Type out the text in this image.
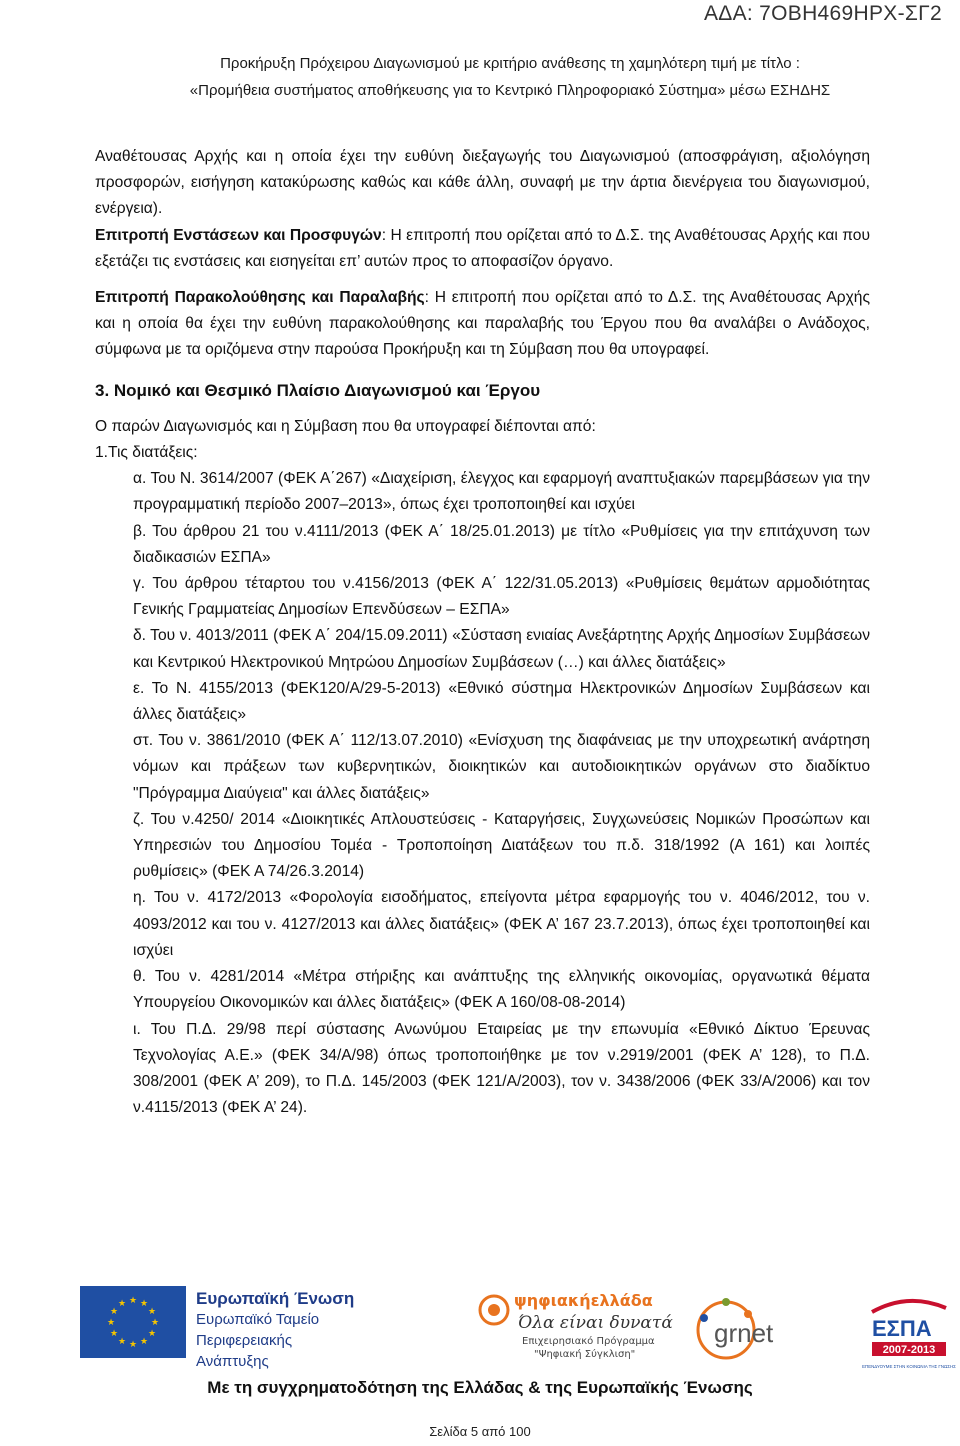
ΑΔΑ: 7ΟΒΗ469ΗΡΧ-ΣΓ2
Προκήρυξη Πρόχειρου Διαγωνισμού με κριτήριο ανάθεσης τη χαμηλότερη τιμή με τίτλο :
«Προμήθεια συστήματος αποθήκευσης για το Κεντρικό Πληροφοριακό Σύστημα» μέσω ΕΣΗΔΗΣ

Αναθέτουσας Αρχής και η οποία έχει την ευθύνη διεξαγωγής του Διαγωνισμού (αποσφράγιση, αξιολόγηση προσφορών, εισήγηση κατακύρωσης καθώς και κάθε άλλη, συναφή με την άρτια διενέργεια του διαγωνισμού, ενέργεια).

Επιτροπή Ενστάσεων και Προσφυγών: Η επιτροπή που ορίζεται από το Δ.Σ. της Αναθέτουσας Αρχής και που εξετάζει τις ενστάσεις και εισηγείται επ’ αυτών προς το αποφασίζον όργανο.

Επιτροπή Παρακολούθησης και Παραλαβής: Η επιτροπή που ορίζεται από το Δ.Σ. της Αναθέτουσας Αρχής και η οποία θα έχει την ευθύνη παρακολούθησης και παραλαβής του Έργου που θα αναλάβει ο Ανάδοχος, σύμφωνα με τα οριζόμενα στην παρούσα Προκήρυξη και τη Σύμβαση που θα υπογραφεί.

3. Νομικό και Θεσμικό Πλαίσιο Διαγωνισμού και Έργου

Ο παρών Διαγωνισμός και η Σύμβαση που θα υπογραφεί διέπονται από:

1.Τις διατάξεις:

α. Του Ν. 3614/2007 (ΦΕΚ Α΄267) «Διαχείριση, έλεγχος και εφαρμογή αναπτυξιακών παρεμβάσεων για την προγραμματική περίοδο 2007–2013», όπως έχει τροποποιηθεί και ισχύει

β. Του άρθρου 21 του ν.4111/2013 (ΦΕΚ Α΄ 18/25.01.2013) με τίτλο «Ρυθμίσεις για την επιτάχυνση των διαδικασιών ΕΣΠΑ»

γ. Του άρθρου τέταρτου του ν.4156/2013 (ΦΕΚ Α΄ 122/31.05.2013) «Ρυθμίσεις θεμάτων αρμοδιότητας Γενικής Γραμματείας Δημοσίων Επενδύσεων – ΕΣΠΑ»

δ. Του ν. 4013/2011 (ΦΕΚ Α΄ 204/15.09.2011) «Σύσταση ενιαίας Ανεξάρτητης Αρχής Δημοσίων Συμβάσεων και Κεντρικού Ηλεκτρονικού Μητρώου Δημοσίων Συμβάσεων (…) και άλλες διατάξεις»

ε. Το Ν. 4155/2013 (ΦΕΚ120/Α/29-5-2013) «Εθνικό σύστημα Ηλεκτρονικών Δημοσίων Συμβάσεων και άλλες διατάξεις»

στ. Του ν. 3861/2010 (ΦΕΚ Α΄ 112/13.07.2010) «Ενίσχυση της διαφάνειας με την υποχρεωτική ανάρτηση νόμων και πράξεων των κυβερνητικών, διοικητικών και αυτοδιοικητικών οργάνων στο διαδίκτυο "Πρόγραμμα Διαύγεια" και άλλες διατάξεις»

ζ. Του ν.4250/ 2014 «Διοικητικές Απλουστεύσεις - Καταργήσεις, Συγχωνεύσεις Νομικών Προσώπων και Υπηρεσιών του Δημοσίου Τομέα - Τροποποίηση Διατάξεων του π.δ. 318/1992 (Α 161) και λοιπές ρυθμίσεις» (ΦΕΚ Α 74/26.3.2014)

η. Του ν. 4172/2013 «Φορολογία εισοδήματος, επείγοντα μέτρα εφαρμογής του ν. 4046/2012, του ν. 4093/2012 και του ν. 4127/2013 και άλλες διατάξεις» (ΦΕΚ Α’ 167 23.7.2013), όπως έχει τροποποιηθεί και ισχύει

θ. Του ν. 4281/2014 «Μέτρα στήριξης και ανάπτυξης της ελληνικής οικονομίας, οργανωτικά θέματα Υπουργείου Οικονομικών και άλλες διατάξεις» (ΦΕΚ Α 160/08-08-2014)

ι. Του Π.Δ. 29/98 περί σύστασης Ανωνύμου Εταιρείας με την επωνυμία «Εθνικό Δίκτυο Έρευνας Τεχνολογίας Α.Ε.» (ΦΕΚ 34/Α/98) όπως τροποποιήθηκε με τον ν.2919/2001 (ΦΕΚ Α’ 128), το Π.Δ. 308/2001 (ΦΕΚ Α’ 209), το Π.Δ. 145/2003 (ΦΕΚ 121/Α/2003), τον ν. 3438/2006 (ΦΕΚ 33/Α/2006) και τον ν.4115/2013 (ΦΕΚ Α’ 24).

★ ★
★
★
★
★
★
★
★
★
★
★	Ευρωπαϊκή Ένωση
Ευρωπαϊκό Ταμείο
Περιφερειακής
Ανάπτυξης
ψηφιακήελλάδα
Όλα είναι δυνατά
Επιχειρησιακό Πρόγραμμα
"Ψηφιακή Σύγκλιση"
grnet	ΕΣΠΑ
2007-2013
ΕΠΕΝΔΥΟΥΜΕ ΣΤΗΝ ΚΟΙΝΩΝΙΑ ΤΗΣ ΓΝΩΣΗΣ
Με τη συγχρηματοδότηση της Ελλάδας & της Ευρωπαϊκής Ένωσης
Σελίδα 5 από 100
